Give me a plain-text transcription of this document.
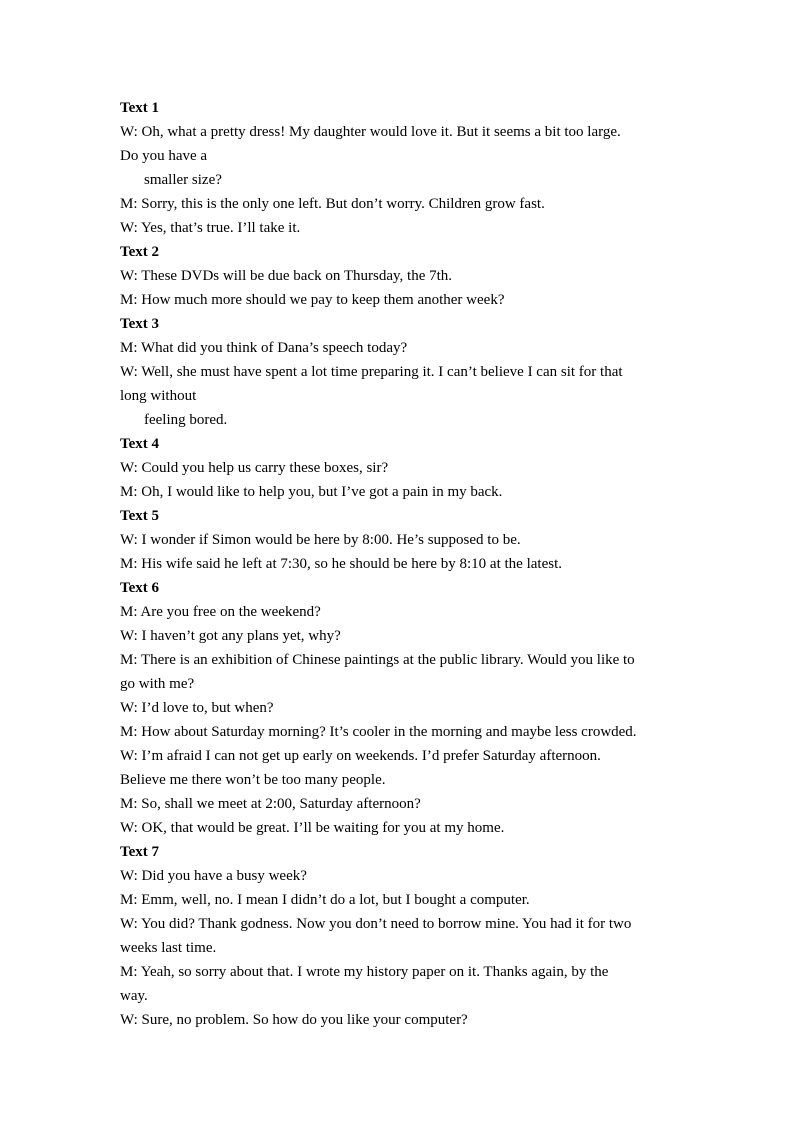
Text 1
W: Oh, what a pretty dress! My daughter would love it. But it seems a bit too large.
Do you have a
smaller size?
M: Sorry, this is the only one left. But don’t worry. Children grow fast.
W: Yes, that’s true. I’ll take it.
Text 2
W: These DVDs will be due back on Thursday, the 7th.
M: How much more should we pay to keep them another week?
Text 3
M: What did you think of Dana’s speech today?
W: Well, she must have spent a lot time preparing it. I can’t believe I can sit for that
long without
feeling bored.
Text 4
W: Could you help us carry these boxes, sir?
M: Oh, I would like to help you, but I’ve got a pain in my back.
Text 5
W: I wonder if Simon would be here by 8:00. He’s supposed to be.
M: His wife said he left at 7:30, so he should be here by 8:10 at the latest.
Text 6
M: Are you free on the weekend?
W: I haven’t got any plans yet, why?
M: There is an exhibition of Chinese paintings at the public library. Would you like to
go with me?
W: I’d love to, but when?
M: How about Saturday morning? It’s cooler in the morning and maybe less crowded.
W: I’m afraid I can not get up early on weekends. I’d prefer Saturday afternoon.
Believe me there won’t be too many people.
M: So, shall we meet at 2:00, Saturday afternoon?
W: OK, that would be great. I’ll be waiting for you at my home.
Text 7
W: Did you have a busy week?
M: Emm, well, no. I mean I didn’t do a lot, but I bought a computer.
W: You did? Thank godness. Now you don’t need to borrow mine. You had it for two
weeks last time.
M: Yeah, so sorry about that. I wrote my history paper on it. Thanks again, by the
way.
W: Sure, no problem. So how do you like your computer?
